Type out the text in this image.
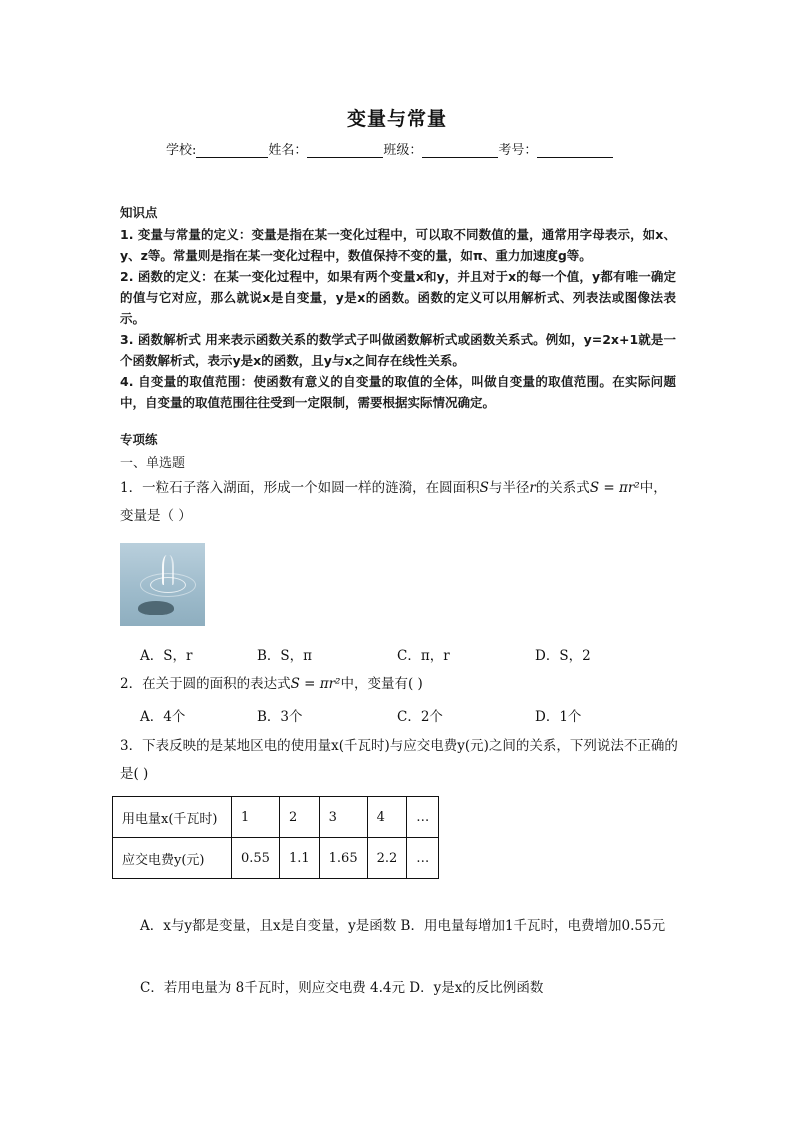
变量与常量
学校:	姓名：	班级：	考号：
知识点

1. 变量与常量的定义：变量是指在某一变化过程中，可以取不同数值的量，通常用字母表示，如x、y、z等。常量则是指在某一变化过程中，数值保持不变的量，如π、重力加速度g等。

2. 函数的定义：在某一变化过程中，如果有两个变量x和y，并且对于x的每一个值，y都有唯一确定的值与它对应，那么就说x是自变量，y是x的函数。函数的定义可以用解析式、列表法或图像法表示。

3. 函数解析式 用来表示函数关系的数学式子叫做函数解析式或函数关系式。例如，y=2x+1就是一个函数解析式，表示y是x的函数，且y与x之间存在线性关系。

4. 自变量的取值范围：使函数有意义的自变量的取值的全体，叫做自变量的取值范围。在实际问题中，自变量的取值范围往往受到一定限制，需要根据实际情况确定。

专项练
一、单选题
1．一粒石子落入湖面，形成一个如圆一样的涟漪，在圆面积S与半径r的关系式S = πr²中，变量是（ ）
A．S，r	B．S，π	C．π，r	D．S，2
2．在关于圆的面积的表达式S = πr²中，变量有( )
A．4个	B．3个	C．2个	D．1个
3．下表反映的是某地区电的使用量x(千瓦时)与应交电费y(元)之间的关系，下列说法不正确的是( )
用电量x(千瓦时)	1	2	3	4	…
应交电费y(元)	0.55	1.1	1.65	2.2	…
A．x与y都是变量，且x是自变量，y是函数 B．用电量每增加1千瓦时，电费增加0.55元
C．若用电量为 8千瓦时，则应交电费 4.4元 D．y是x的反比例函数
